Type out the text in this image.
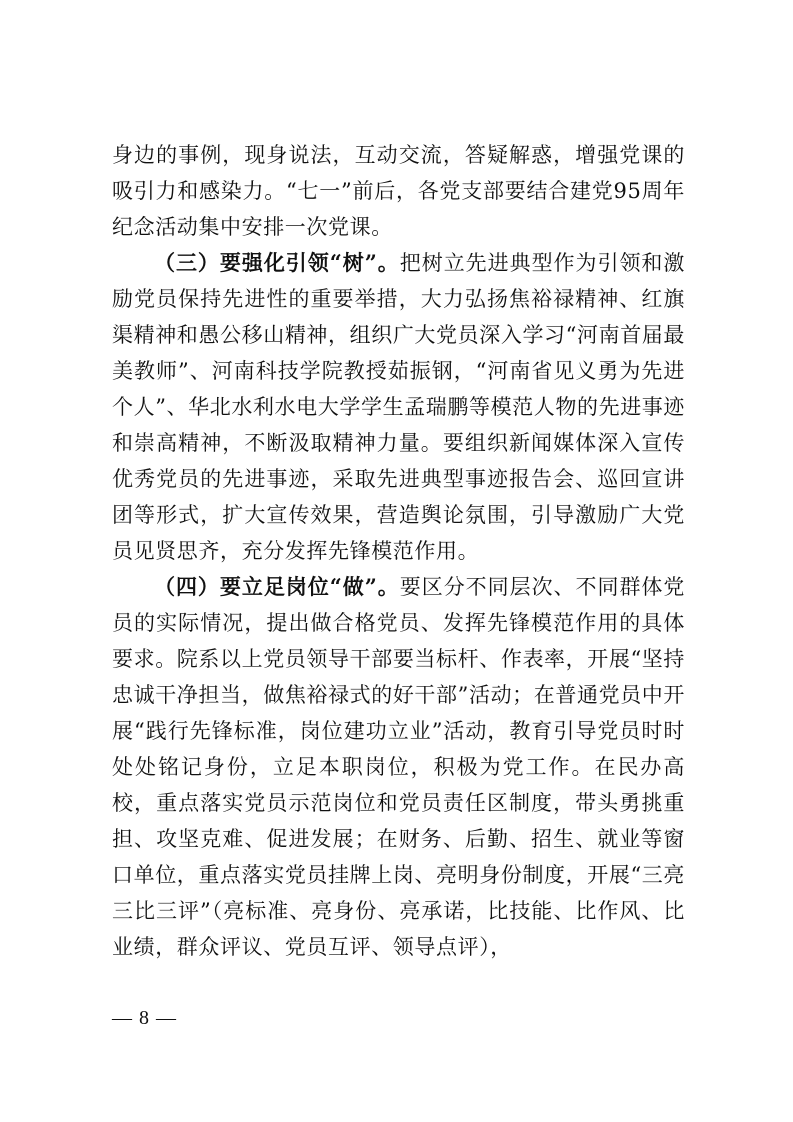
身边的事例，现身说法，互动交流，答疑解惑，增强党课的吸引力和感染力。“七一”前后，各党支部要结合建党95周年纪念活动集中安排一次党课。

（三）要强化引领“树”。把树立先进典型作为引领和激励党员保持先进性的重要举措，大力弘扬焦裕禄精神、红旗渠精神和愚公移山精神，组织广大党员深入学习“河南首届最美教师”、河南科技学院教授茹振钢，“河南省见义勇为先进个人”、华北水利水电大学学生孟瑞鹏等模范人物的先进事迹和崇高精神，不断汲取精神力量。要组织新闻媒体深入宣传优秀党员的先进事迹，采取先进典型事迹报告会、巡回宣讲团等形式，扩大宣传效果，营造舆论氛围，引导激励广大党员见贤思齐，充分发挥先锋模范作用。

（四）要立足岗位“做”。要区分不同层次、不同群体党员的实际情况，提出做合格党员、发挥先锋模范作用的具体要求。院系以上党员领导干部要当标杆、作表率，开展“坚持忠诚干净担当，做焦裕禄式的好干部”活动；在普通党员中开展“践行先锋标准，岗位建功立业”活动，教育引导党员时时处处铭记身份，立足本职岗位，积极为党工作。在民办高校，重点落实党员示范岗位和党员责任区制度，带头勇挑重担、攻坚克难、促进发展；在财务、后勤、招生、就业等窗口单位，重点落实党员挂牌上岗、亮明身份制度，开展“三亮三比三评”（亮标准、亮身份、亮承诺，比技能、比作风、比业绩，群众评议、党员互评、领导点评），

— 8 —
